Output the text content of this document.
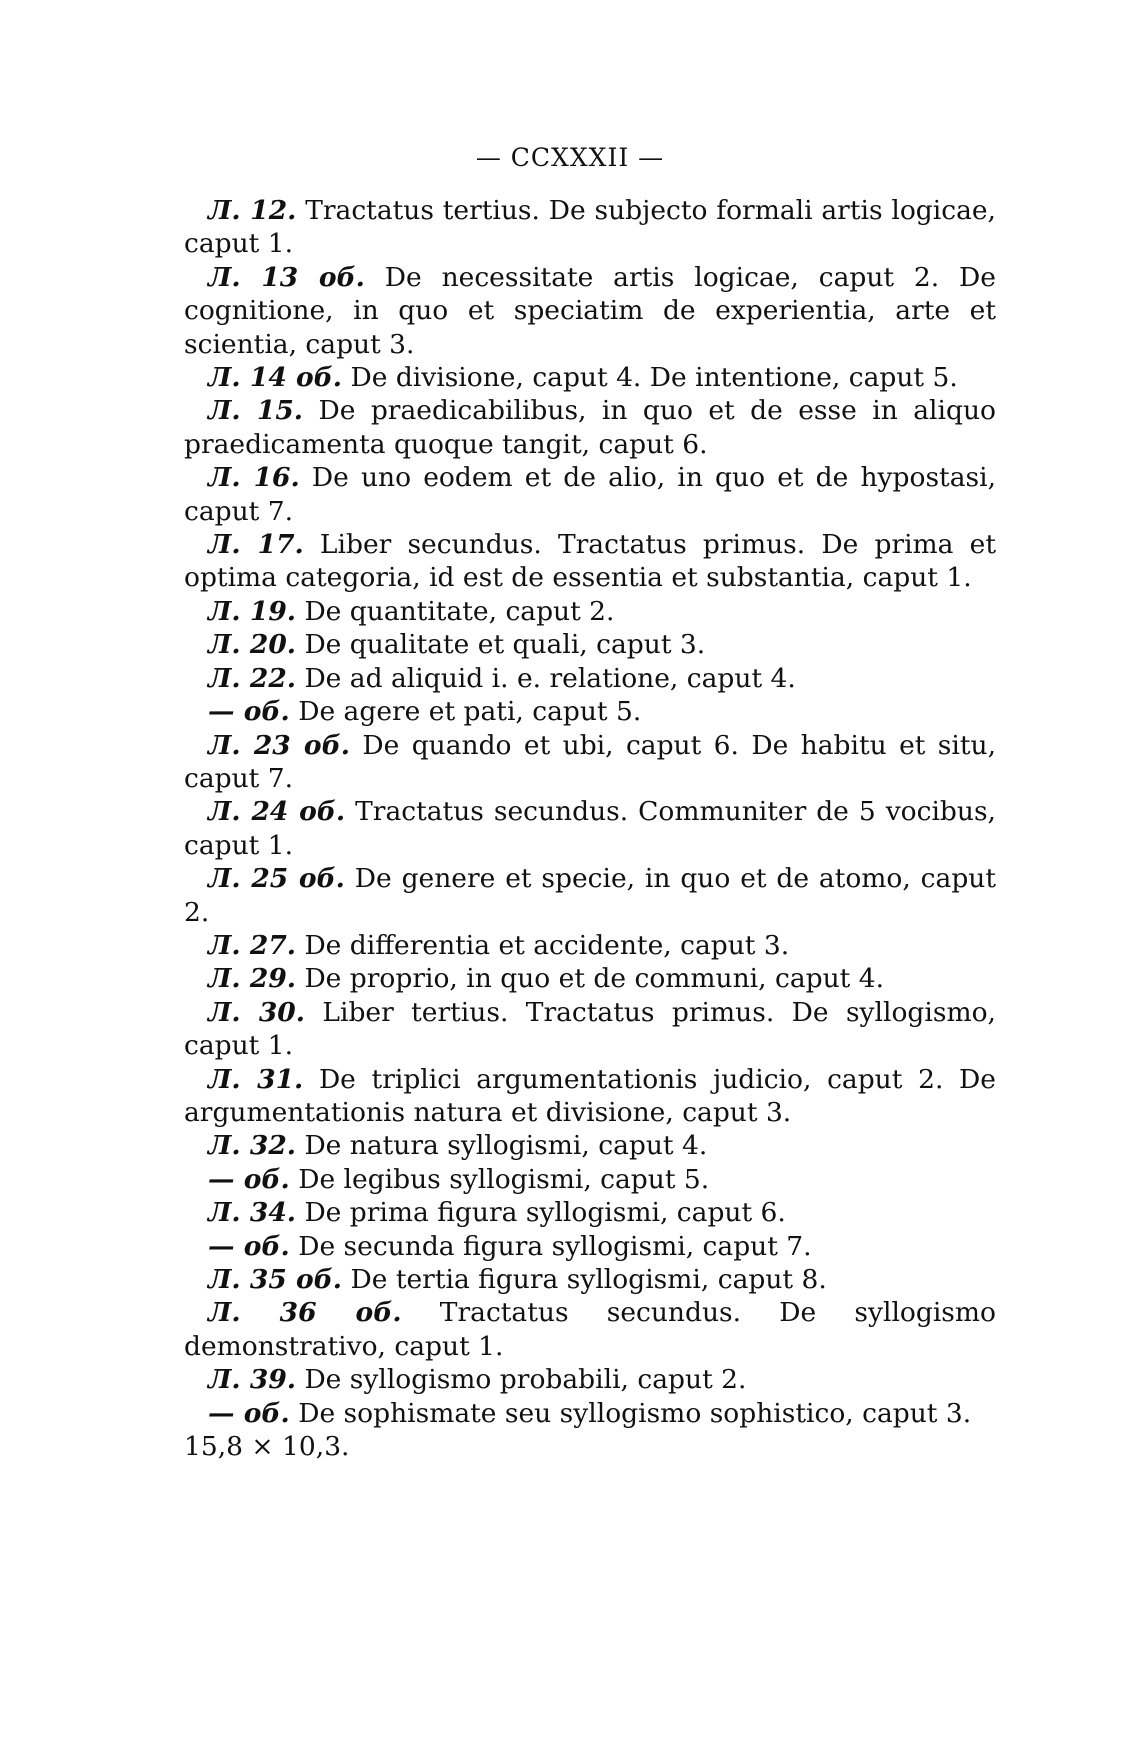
— CCXXXII —

Л. 12. Tractatus tertius. De subjecto formali artis logicae, caput 1.

Л. 13 об. De necessitate artis logicae, caput 2. De cognitione, in quo et speciatim de experientia, arte et scientia, caput 3.

Л. 14 об. De divisione, caput 4. De intentione, caput 5.

Л. 15. De praedicabilibus, in quo et de esse in aliquo praedicamenta quoque tangit, caput 6.

Л. 16. De uno eodem et de alio, in quo et de hypostasi, caput 7.

Л. 17. Liber secundus. Tractatus primus. De prima et optima categoria, id est de essentia et substantia, caput 1.

Л. 19. De quantitate, caput 2.

Л. 20. De qualitate et quali, caput 3.

Л. 22. De ad aliquid i. e. relatione, caput 4.

— об. De agere et pati, caput 5.

Л. 23 об. De quando et ubi, caput 6. De habitu et situ, caput 7.

Л. 24 об. Tractatus secundus. Communiter de 5 vocibus, caput 1.

Л. 25 об. De genere et specie, in quo et de atomo, caput 2.

Л. 27. De differentia et accidente, caput 3.

Л. 29. De proprio, in quo et de communi, caput 4.

Л. 30. Liber tertius. Tractatus primus. De syllogismo, caput 1.

Л. 31. De triplici argumentationis judicio, caput 2. De argumentationis natura et divisione, caput 3.

Л. 32. De natura syllogismi, caput 4.

— об. De legibus syllogismi, caput 5.

Л. 34. De prima figura syllogismi, caput 6.

— об. De secunda figura syllogismi, caput 7.

Л. 35 об. De tertia figura syllogismi, caput 8.

Л. 36 об. Tractatus secundus. De syllogismo demonstrativo, caput 1.

Л. 39. De syllogismo probabili, caput 2.

— об. De sophismate seu syllogismo sophistico, caput 3.

15,8 × 10,3.
